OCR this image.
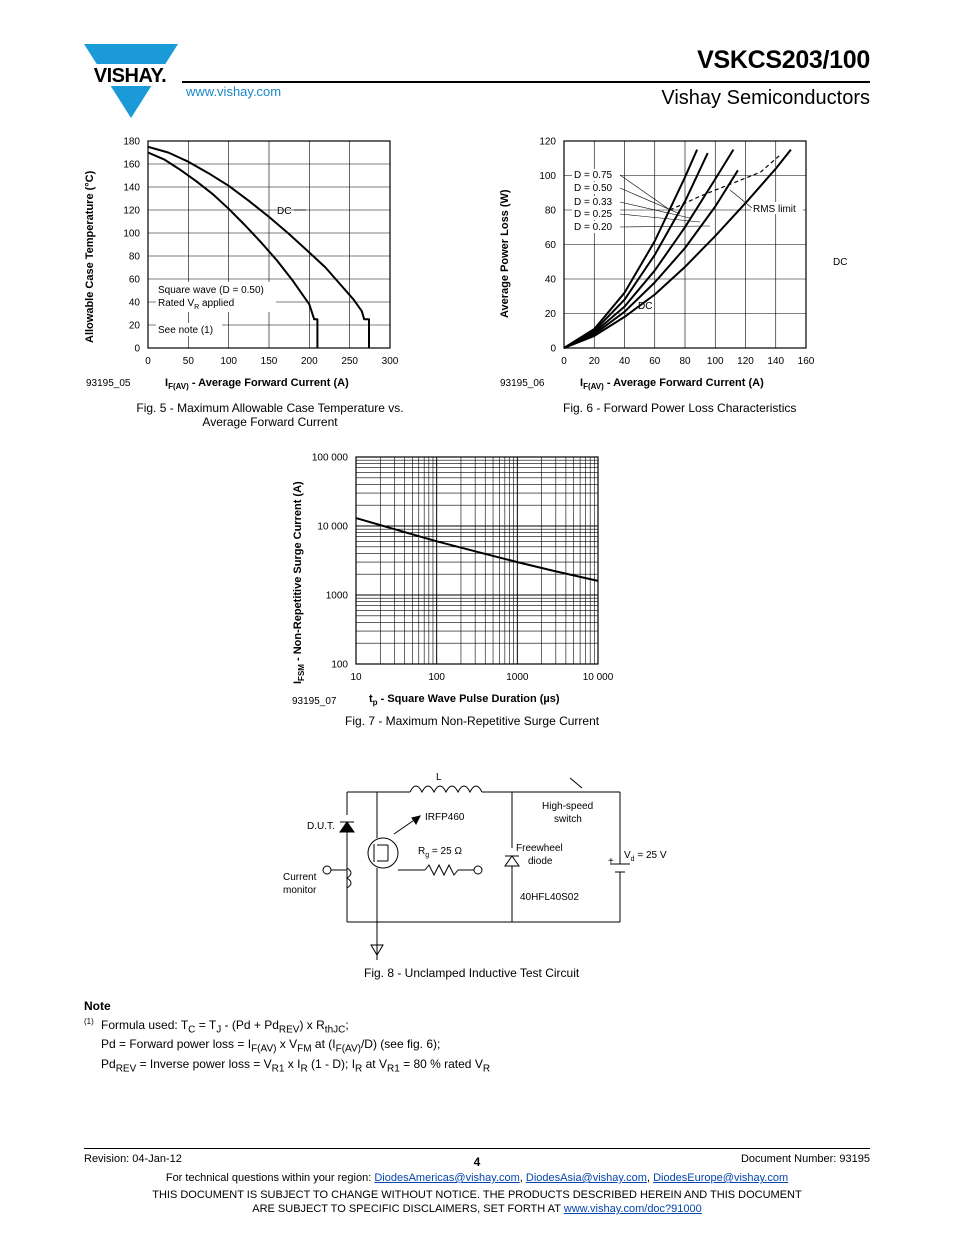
VISHAY.
VSKCS203/100
Vishay Semiconductors
www.vishay.com
0	50	100 150 200 250 300
0
20
40
60
80
100
120
140
160
180
DC
Square wave (D = 0.50)
Rated $V_R$ applied
See note (1)
Allowable Case Temperature (°C)
93195_05	$I_{F(AV)}$ - Average Forward Current (A)
Fig. 5 - Maximum Allowable Case Temperature vs.
Average Forward Current
0 20 40 60 80 100 120 140 160
0
20
40
60
80
100
120
D = 0.75
D = 0.50
D = 0.33
D = 0.25
D = 0.20
RMS limit
DC
Average Power Loss (W)
93195_06	$I_{F(AV)}$ - Average Forward Current (A)
Fig. 6 - Forward Power Loss Characteristics
DC
10	100	1000	10 000
100
1000
10 000
100 000
$I_{FSM}$ - Non-Repetitive Surge Current (A)
93195_07	$t_p$ - Square Wave Pulse Duration (µs)
Fig. 7 - Maximum Non-Repetitive Surge Current
L
IRFP460
D.U.T.
$R_g = 25$ Ω
Current
monitor
High-speed
switch
Freewheel
diode
40HFL40S02
+
$V_d = 25$ V
Fig. 8 - Unclamped Inductive Test Circuit
Note
(1) Formula used: $T_C = T_J - (Pd + Pd_{REV})$ x $R_{thJC}$;
Pd = Forward power loss = $I_{F(AV)}$ x $V_{FM}$ at $(I_{F(AV)}/D)$ (see fig. 6);
$Pd_{REV}$ = Inverse power loss = $V_{R1}$ x $I_R$ (1 - D); $I_R$ at $V_{R1} = 80$ % rated $V_R$
Revision: 04-Jan-12	4	Document Number: 93195
For technical questions within your region: DiodesAmericas@vishay.com, DiodesAsia@vishay.com, DiodesEurope@vishay.com
THIS DOCUMENT IS SUBJECT TO CHANGE WITHOUT NOTICE. THE PRODUCTS DESCRIBED HEREIN AND THIS DOCUMENT
ARE SUBJECT TO SPECIFIC DISCLAIMERS, SET FORTH AT www.vishay.com/doc?91000
